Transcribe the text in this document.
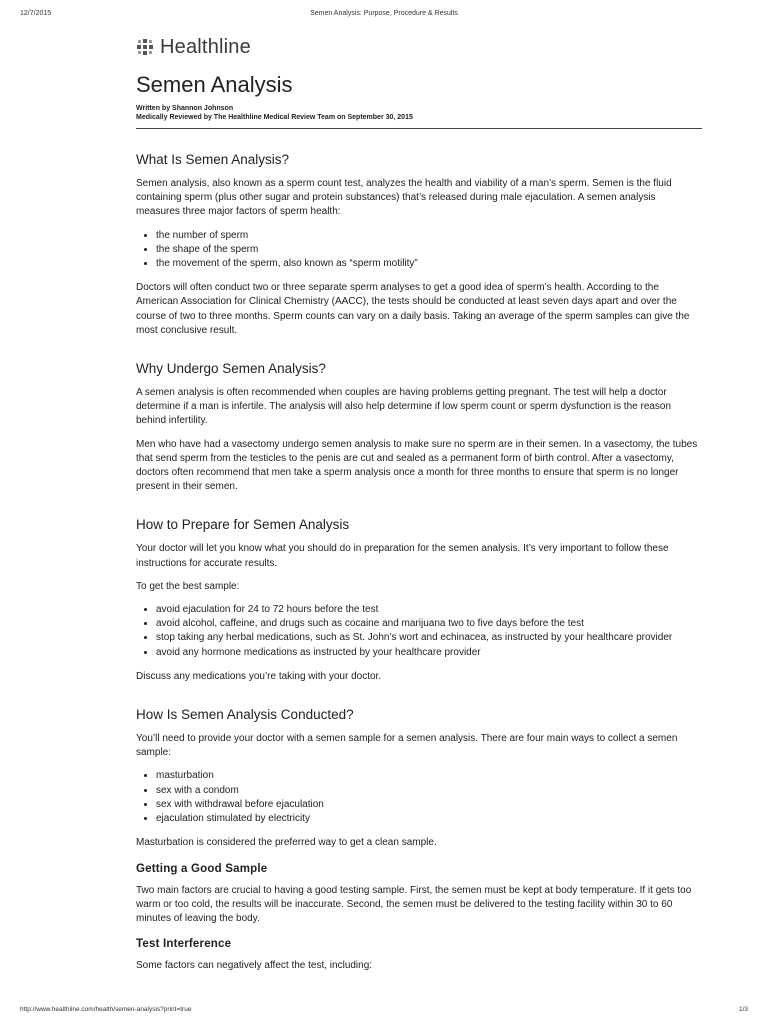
12/7/2015	Semen Analysis: Purpose, Procedure & Results
Healthline
Semen Analysis
Written by Shannon Johnson
Medically Reviewed by The Healthline Medical Review Team on September 30, 2015
What Is Semen Analysis?

Semen analysis, also known as a sperm count test, analyzes the health and viability of a man’s sperm. Semen is the fluid containing sperm (plus other sugar and protein substances) that’s released during male ejaculation. A semen analysis measures three major factors of sperm health:

• the number of sperm
• the shape of the sperm
• the movement of the sperm, also known as “sperm motility”

Doctors will often conduct two or three separate sperm analyses to get a good idea of sperm’s health. According to the American Association for Clinical Chemistry (AACC), the tests should be conducted at least seven days apart and over the course of two to three months. Sperm counts can vary on a daily basis. Taking an average of the sperm samples can give the most conclusive result.

Why Undergo Semen Analysis?

A semen analysis is often recommended when couples are having problems getting pregnant. The test will help a doctor determine if a man is infertile. The analysis will also help determine if low sperm count or sperm dysfunction is the reason behind infertility.

Men who have had a vasectomy undergo semen analysis to make sure no sperm are in their semen. In a vasectomy, the tubes that send sperm from the testicles to the penis are cut and sealed as a permanent form of birth control. After a vasectomy, doctors often recommend that men take a sperm analysis once a month for three months to ensure that sperm is no longer present in their semen.

How to Prepare for Semen Analysis

Your doctor will let you know what you should do in preparation for the semen analysis. It’s very important to follow these instructions for accurate results.

To get the best sample:

• avoid ejaculation for 24 to 72 hours before the test
• avoid alcohol, caffeine, and drugs such as cocaine and marijuana two to five days before the test
• stop taking any herbal medications, such as St. John’s wort and echinacea, as instructed by your healthcare provider
• avoid any hormone medications as instructed by your healthcare provider

Discuss any medications you’re taking with your doctor.

How Is Semen Analysis Conducted?

You’ll need to provide your doctor with a semen sample for a semen analysis. There are four main ways to collect a semen sample:

• masturbation
• sex with a condom
• sex with withdrawal before ejaculation
• ejaculation stimulated by electricity

Masturbation is considered the preferred way to get a clean sample.

Getting a Good Sample

Two main factors are crucial to having a good testing sample. First, the semen must be kept at body temperature. If it gets too warm or too cold, the results will be inaccurate. Second, the semen must be delivered to the testing facility within 30 to 60 minutes of leaving the body.

Test Interference

Some factors can negatively affect the test, including:

http://www.healthline.com/health/semen-analysis?print=true	1/3
